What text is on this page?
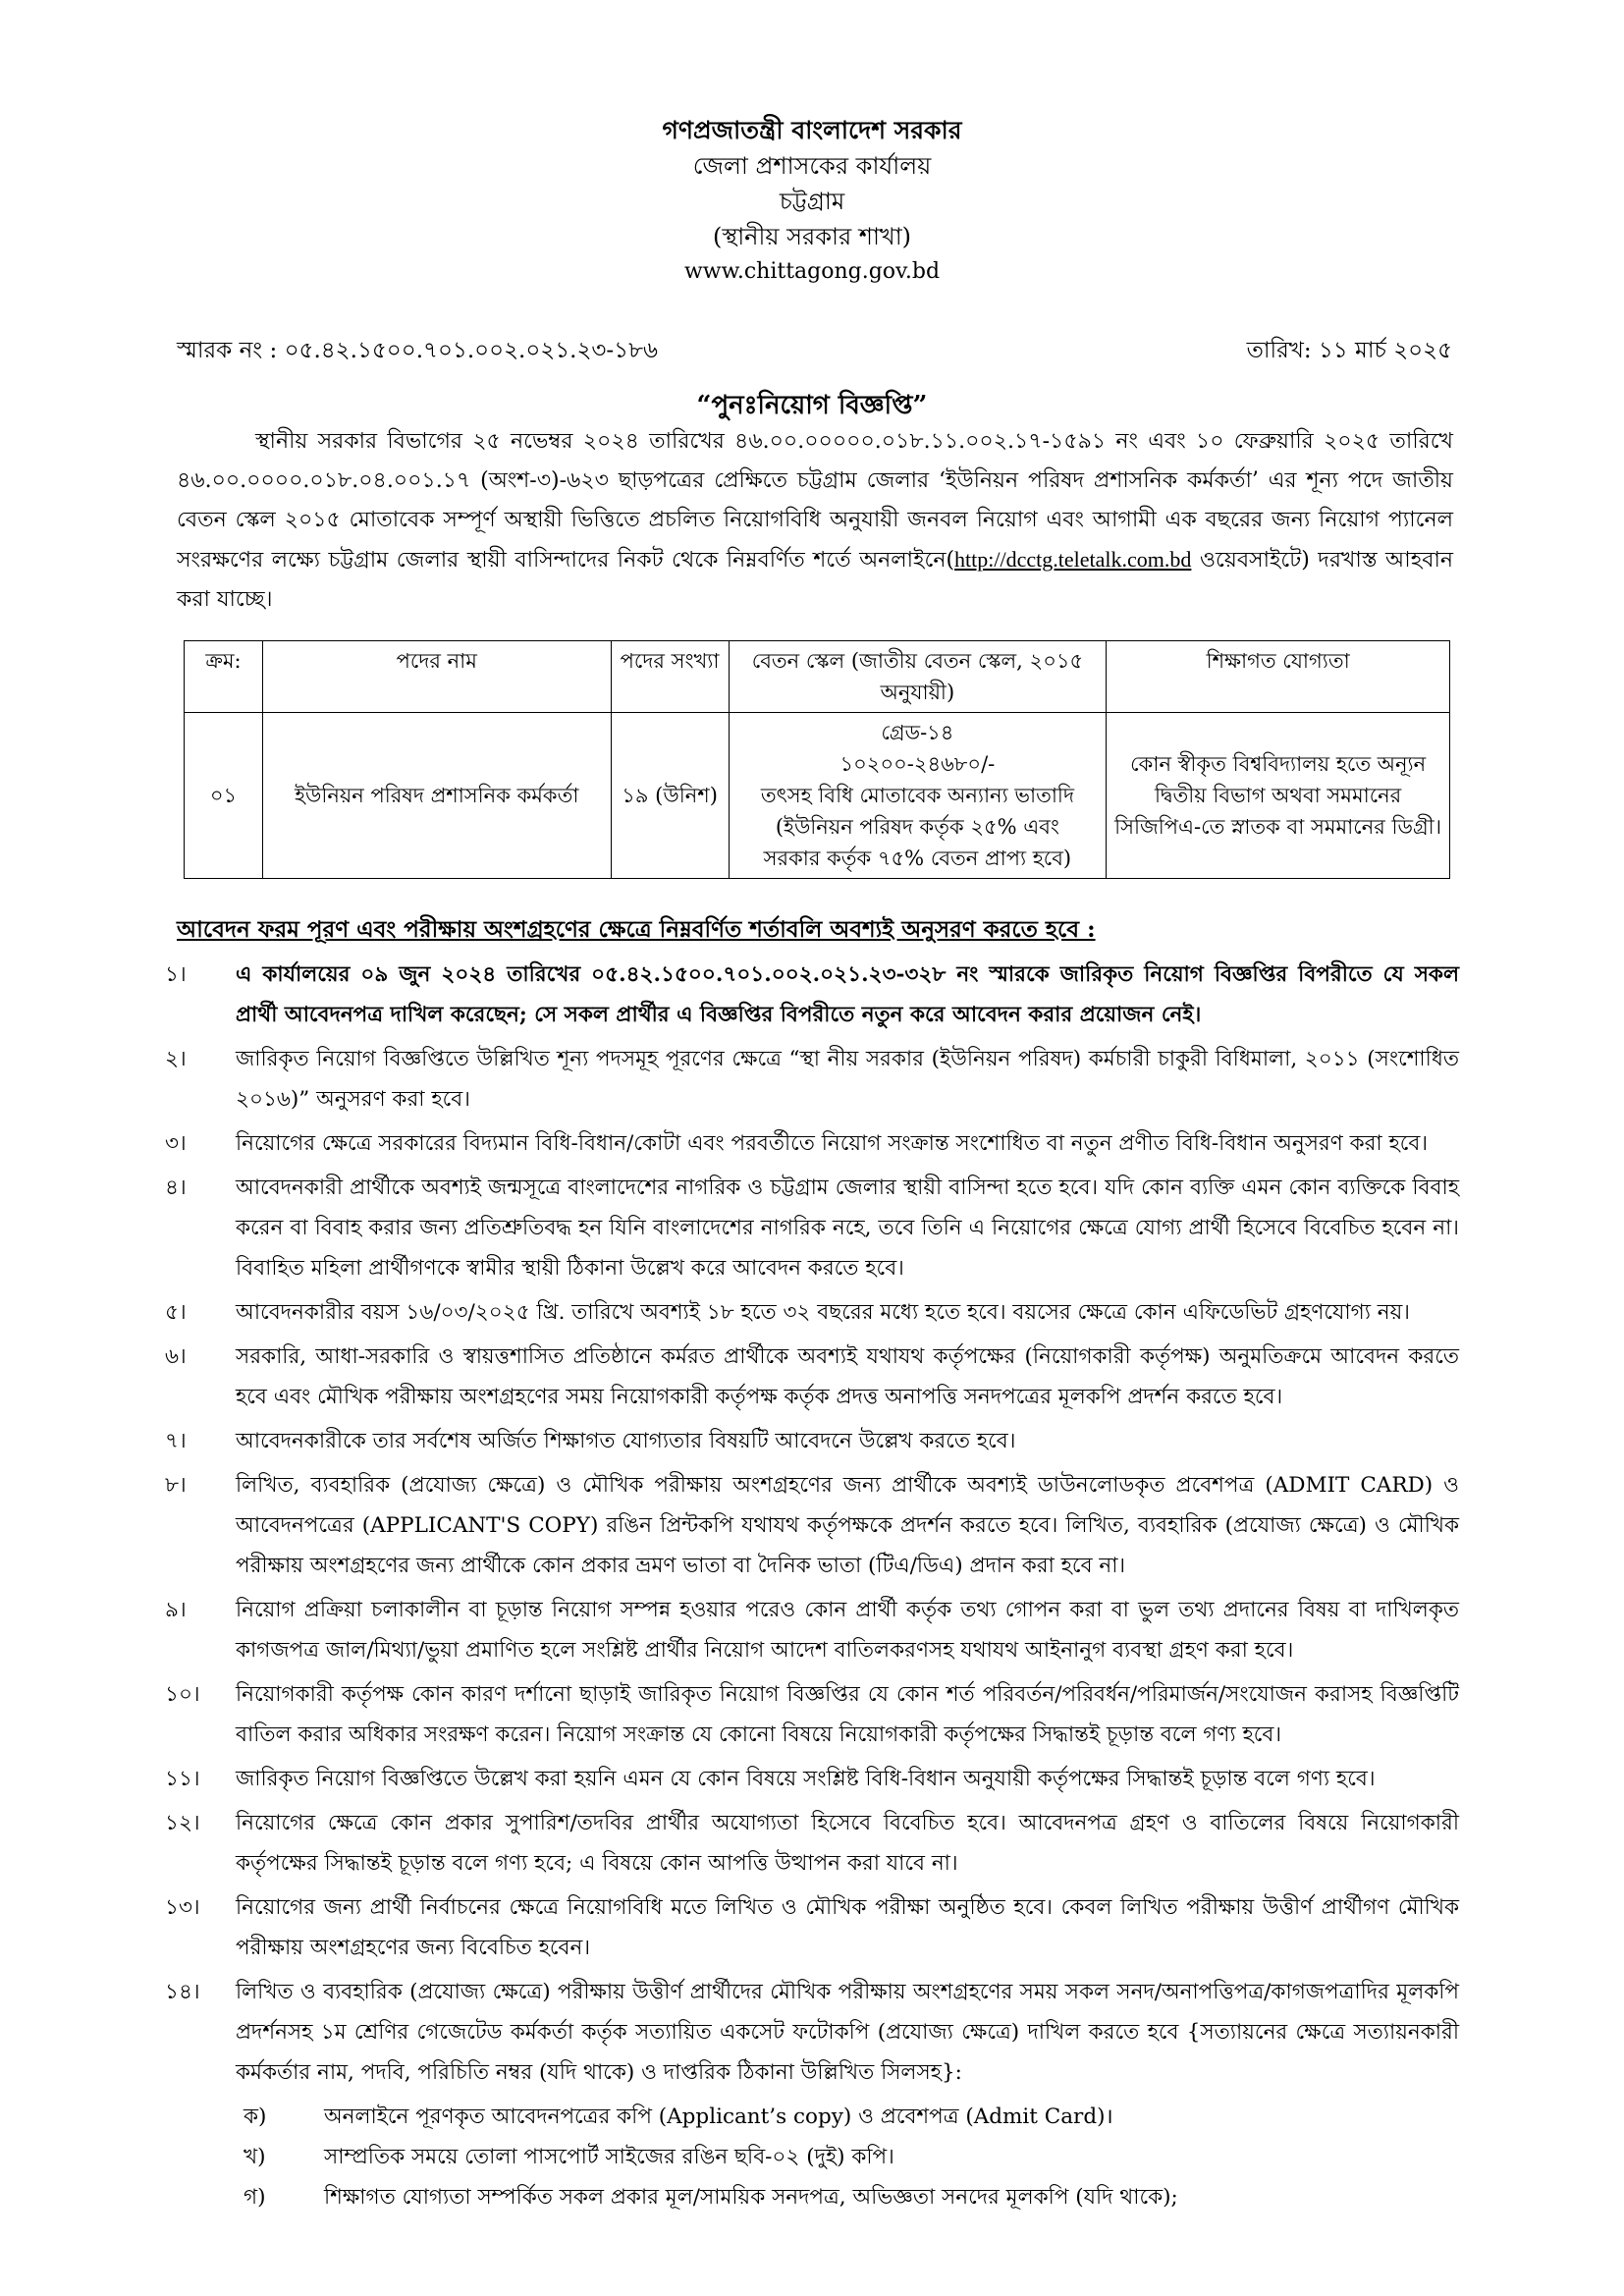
গণপ্রজাতন্ত্রী বাংলাদেশ সরকার
জেলা প্রশাসকের কার্যালয়
চট্টগ্রাম
(স্থানীয় সরকার শাখা)
www.chittagong.gov.bd
স্মারক নং : ০৫.৪২.১৫০০.৭০১.০০২.০২১.২৩-১৮৬	তারিখ: ১১ মার্চ ২০২৫
“পুনঃনিয়োগ বিজ্ঞপ্তি”
স্থানীয় সরকার বিভাগের ২৫ নভেম্বর ২০২৪ তারিখের ৪৬.০০.০০০০০.০১৮.১১.০০২.১৭-১৫৯১ নং এবং ১০ ফেব্রুয়ারি ২০২৫ তারিখে ৪৬.০০.০০০০.০১৮.০৪.০০১.১৭ (অংশ-৩)-৬২৩ ছাড়পত্রের প্রেক্ষিতে চট্টগ্রাম জেলার ‘ইউনিয়ন পরিষদ প্রশাসনিক কর্মকর্তা’ এর শূন্য পদে জাতীয় বেতন স্কেল ২০১৫ মোতাবেক সম্পূর্ণ অস্থায়ী ভিত্তিতে প্রচলিত নিয়োগবিধি অনুযায়ী জনবল নিয়োগ এবং আগামী এক বছরের জন্য নিয়োগ প্যানেল সংরক্ষণের লক্ষ্যে চট্টগ্রাম জেলার স্থায়ী বাসিন্দাদের নিকট থেকে নিম্নবর্ণিত শর্তে অনলাইনে(http://dcctg.teletalk.com.bd ওয়েবসাইটে) দরখাস্ত আহবান করা যাচ্ছে।
ক্রম:	পদের নাম	পদের সংখ্যা	বেতন স্কেল (জাতীয় বেতন স্কেল, ২০১৫ অনুযায়ী)	শিক্ষাগত যোগ্যতা
০১	ইউনিয়ন পরিষদ প্রশাসনিক কর্মকর্তা	১৯ (উনিশ)	গ্রেড-১৪
১০২০০-২৪৬৮০/-
তৎসহ বিধি মোতাবেক অন্যান্য ভাতাদি
(ইউনিয়ন পরিষদ কর্তৃক ২৫% এবং
সরকার কর্তৃক ৭৫% বেতন প্রাপ্য হবে)	কোন স্বীকৃত বিশ্ববিদ্যালয় হতে অন্যূন দ্বিতীয় বিভাগ অথবা সমমানের সিজিপিএ-তে স্নাতক বা সমমানের ডিগ্রী।
আবেদন ফরম পূরণ এবং পরীক্ষায় অংশগ্রহণের ক্ষেত্রে নিম্নবর্ণিত শর্তাবলি অবশ্যই অনুসরণ করতে হবে :
১।	এ কার্যালয়ের ০৯ জুন ২০২৪ তারিখের ০৫.৪২.১৫০০.৭০১.০০২.০২১.২৩-৩২৮ নং স্মারকে জারিকৃত নিয়োগ বিজ্ঞপ্তির বিপরীতে যে সকল প্রার্থী আবেদনপত্র দাখিল করেছেন; সে সকল প্রার্থীর এ বিজ্ঞপ্তির বিপরীতে নতুন করে আবেদন করার প্রয়োজন নেই।
২।	জারিকৃত নিয়োগ বিজ্ঞপ্তিতে উল্লিখিত শূন্য পদসমূহ পূরণের ক্ষেত্রে “স্থা নীয় সরকার (ইউনিয়ন পরিষদ) কর্মচারী চাকুরী বিধিমালা, ২০১১ (সংশোধিত ২০১৬)” অনুসরণ করা হবে।
৩।	নিয়োগের ক্ষেত্রে সরকারের বিদ্যমান বিধি-বিধান/কোটা এবং পরবর্তীতে নিয়োগ সংক্রান্ত সংশোধিত বা নতুন প্রণীত বিধি-বিধান অনুসরণ করা হবে।
৪।	আবেদনকারী প্রার্থীকে অবশ্যই জন্মসূত্রে বাংলাদেশের নাগরিক ও চট্টগ্রাম জেলার স্থায়ী বাসিন্দা হতে হবে। যদি কোন ব্যক্তি এমন কোন ব্যক্তিকে বিবাহ করেন বা বিবাহ করার জন্য প্রতিশ্রুতিবদ্ধ হন যিনি বাংলাদেশের নাগরিক নহে, তবে তিনি এ নিয়োগের ক্ষেত্রে যোগ্য প্রার্থী হিসেবে বিবেচিত হবেন না। বিবাহিত মহিলা প্রার্থীগণকে স্বামীর স্থায়ী ঠিকানা উল্লেখ করে আবেদন করতে হবে।
৫।	আবেদনকারীর বয়স ১৬/০৩/২০২৫ খ্রি. তারিখে অবশ্যই ১৮ হতে ৩২ বছরের মধ্যে হতে হবে। বয়সের ক্ষেত্রে কোন এফিডেভিট গ্রহণযোগ্য নয়।
৬।	সরকারি, আধা-সরকারি ও স্বায়ত্তশাসিত প্রতিষ্ঠানে কর্মরত প্রার্থীকে অবশ্যই যথাযথ কর্তৃপক্ষের (নিয়োগকারী কর্তৃপক্ষ) অনুমতিক্রমে আবেদন করতে হবে এবং মৌখিক পরীক্ষায় অংশগ্রহণের সময় নিয়োগকারী কর্তৃপক্ষ কর্তৃক প্রদত্ত অনাপত্তি সনদপত্রের মূলকপি প্রদর্শন করতে হবে।
৭।	আবেদনকারীকে তার সর্বশেষ অর্জিত শিক্ষাগত যোগ্যতার বিষয়টি আবেদনে উল্লেখ করতে হবে।
৮।	লিখিত, ব্যবহারিক (প্রযোজ্য ক্ষেত্রে) ও মৌখিক পরীক্ষায় অংশগ্রহণের জন্য প্রার্থীকে অবশ্যই ডাউনলোডকৃত প্রবেশপত্র (ADMIT CARD) ও আবেদনপত্রের (APPLICANT'S COPY) রঙিন প্রিন্টকপি যথাযথ কর্তৃপক্ষকে প্রদর্শন করতে হবে। লিখিত, ব্যবহারিক (প্রযোজ্য ক্ষেত্রে) ও মৌখিক পরীক্ষায় অংশগ্রহণের জন্য প্রার্থীকে কোন প্রকার ভ্রমণ ভাতা বা দৈনিক ভাতা (টিএ/ডিএ) প্রদান করা হবে না।
৯।	নিয়োগ প্রক্রিয়া চলাকালীন বা চূড়ান্ত নিয়োগ সম্পন্ন হওয়ার পরেও কোন প্রার্থী কর্তৃক তথ্য গোপন করা বা ভুল তথ্য প্রদানের বিষয় বা দাখিলকৃত কাগজপত্র জাল/মিথ্যা/ভুয়া প্রমাণিত হলে সংশ্লিষ্ট প্রার্থীর নিয়োগ আদেশ বাতিলকরণসহ যথাযথ আইনানুগ ব্যবস্থা গ্রহণ করা হবে।
১০।	নিয়োগকারী কর্তৃপক্ষ কোন কারণ দর্শানো ছাড়াই জারিকৃত নিয়োগ বিজ্ঞপ্তির যে কোন শর্ত পরিবর্তন/পরিবর্ধন/পরিমার্জন/সংযোজন করাসহ বিজ্ঞপ্তিটি বাতিল করার অধিকার সংরক্ষণ করেন। নিয়োগ সংক্রান্ত যে কোনো বিষয়ে নিয়োগকারী কর্তৃপক্ষের সিদ্ধান্তই চূড়ান্ত বলে গণ্য হবে।
১১।	জারিকৃত নিয়োগ বিজ্ঞপ্তিতে উল্লেখ করা হয়নি এমন যে কোন বিষয়ে সংশ্লিষ্ট বিধি-বিধান অনুযায়ী কর্তৃপক্ষের সিদ্ধান্তই চূড়ান্ত বলে গণ্য হবে।
১২।	নিয়োগের ক্ষেত্রে কোন প্রকার সুপারিশ/তদবির প্রার্থীর অযোগ্যতা হিসেবে বিবেচিত হবে। আবেদনপত্র গ্রহণ ও বাতিলের বিষয়ে নিয়োগকারী কর্তৃপক্ষের সিদ্ধান্তই চূড়ান্ত বলে গণ্য হবে; এ বিষয়ে কোন আপত্তি উত্থাপন করা যাবে না।
১৩।	নিয়োগের জন্য প্রার্থী নির্বাচনের ক্ষেত্রে নিয়োগবিধি মতে লিখিত ও মৌখিক পরীক্ষা অনুষ্ঠিত হবে। কেবল লিখিত পরীক্ষায় উত্তীর্ণ প্রার্থীগণ মৌখিক পরীক্ষায় অংশগ্রহণের জন্য বিবেচিত হবেন।
১৪।	লিখিত ও ব্যবহারিক (প্রযোজ্য ক্ষেত্রে) পরীক্ষায় উত্তীর্ণ প্রার্থীদের মৌখিক পরীক্ষায় অংশগ্রহণের সময় সকল সনদ/অনাপত্তিপত্র/কাগজপত্রাদির মূলকপি প্রদর্শনসহ ১ম শ্রেণির গেজেটেড কর্মকর্তা কর্তৃক সত্যায়িত একসেট ফটোকপি (প্রযোজ্য ক্ষেত্রে) দাখিল করতে হবে {সত্যায়নের ক্ষেত্রে সত্যায়নকারী কর্মকর্তার নাম, পদবি, পরিচিতি নম্বর (যদি থাকে) ও দাপ্তরিক ঠিকানা উল্লিখিত সিলসহ}:
ক)	অনলাইনে পূরণকৃত আবেদনপত্রের কপি (Applicant’s copy) ও প্রবেশপত্র (Admit Card)।
খ)	সাম্প্রতিক সময়ে তোলা পাসপোর্ট সাইজের রঙিন ছবি-০২ (দুই) কপি।
গ)	শিক্ষাগত যোগ্যতা সম্পর্কিত সকল প্রকার মূল/সাময়িক সনদপত্র, অভিজ্ঞতা সনদের মূলকপি (যদি থাকে);
